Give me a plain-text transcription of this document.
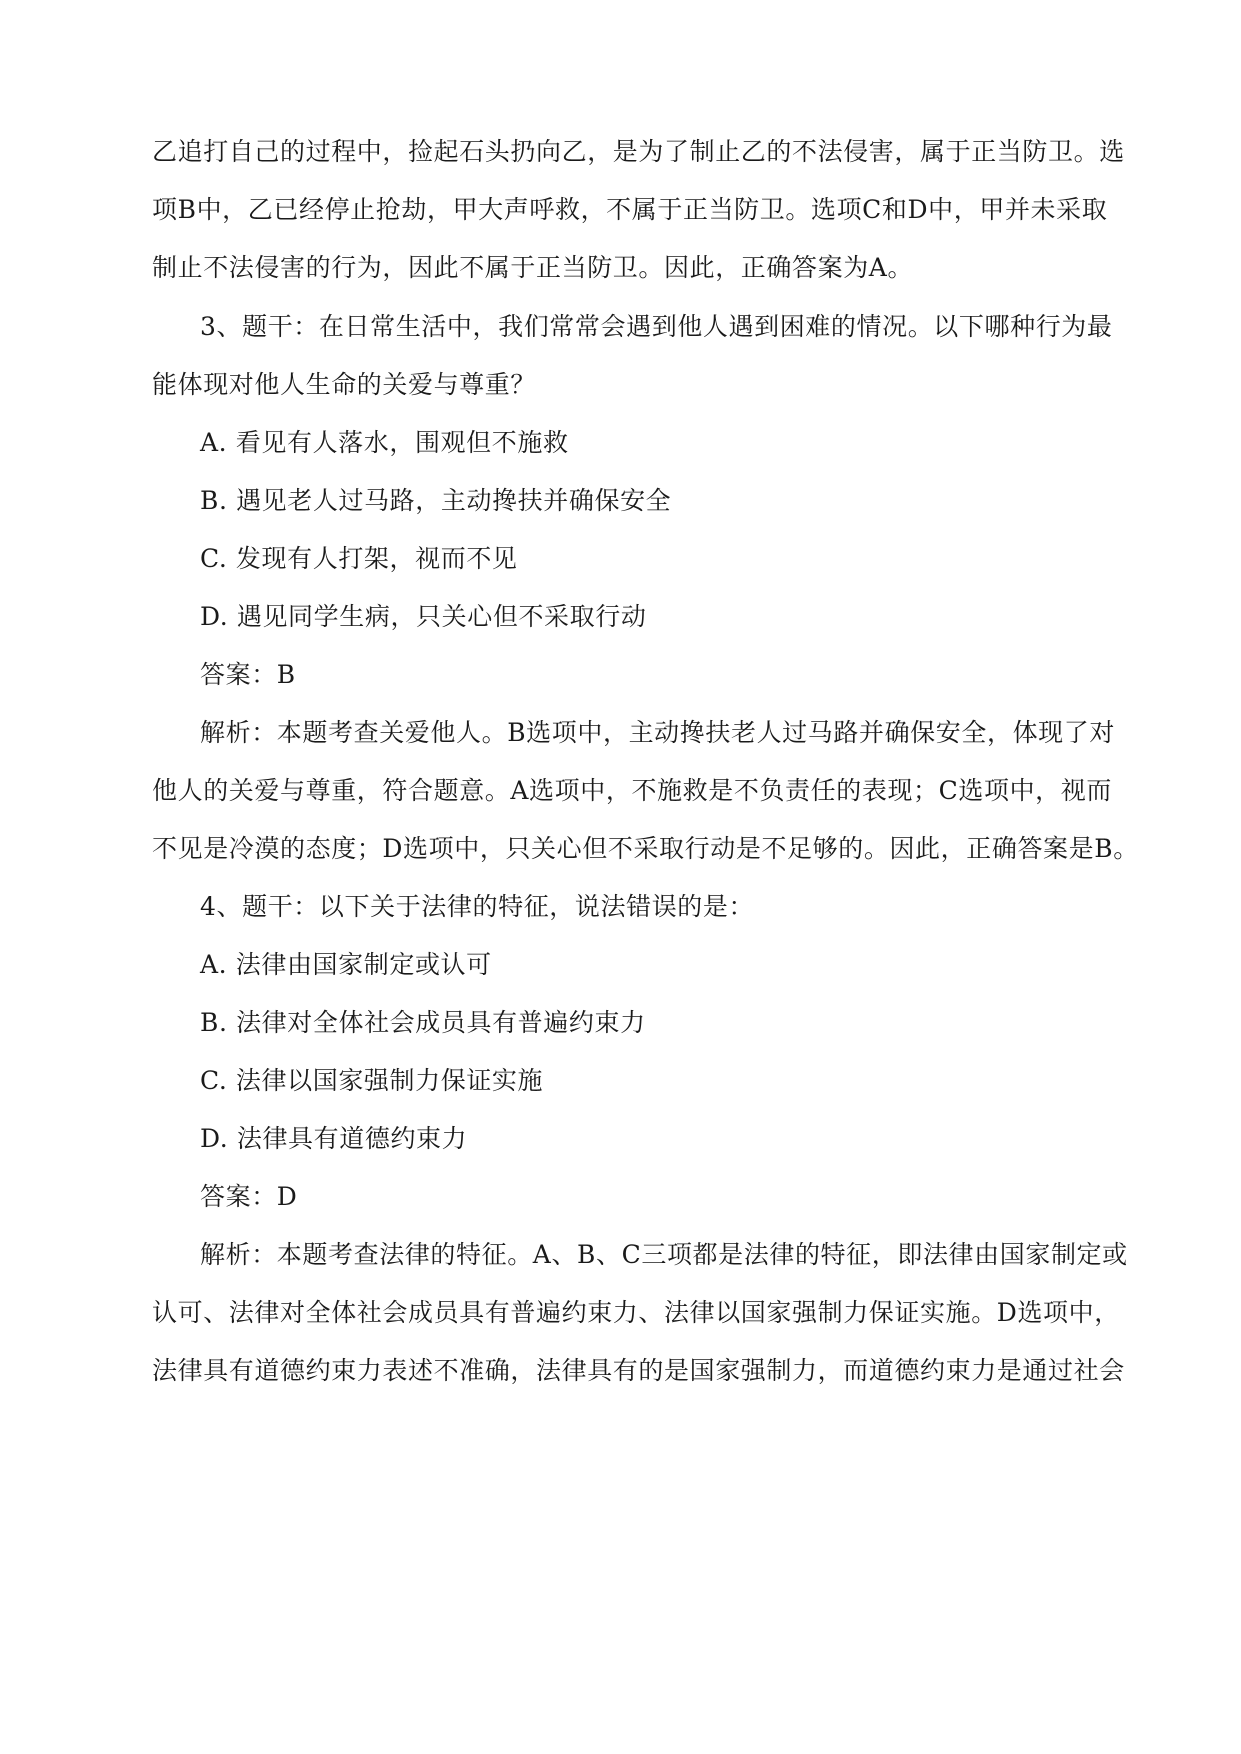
乙追打自己的过程中，捡起石头扔向乙，是为了制止乙的不法侵害，属于正当防卫。选
项B中，乙已经停止抢劫，甲大声呼救，不属于正当防卫。选项C和D中，甲并未采取
制止不法侵害的行为，因此不属于正当防卫。因此，正确答案为A。
3、题干：在日常生活中，我们常常会遇到他人遇到困难的情况。以下哪种行为最
能体现对他人生命的关爱与尊重？
A. 看见有人落水，围观但不施救
B. 遇见老人过马路，主动搀扶并确保安全
C. 发现有人打架，视而不见
D. 遇见同学生病，只关心但不采取行动
答案：B
解析：本题考查关爱他人。B选项中，主动搀扶老人过马路并确保安全，体现了对
他人的关爱与尊重，符合题意。A选项中，不施救是不负责任的表现；C选项中，视而
不见是冷漠的态度；D选项中，只关心但不采取行动是不足够的。因此，正确答案是B。
4、题干：以下关于法律的特征，说法错误的是：
A. 法律由国家制定或认可
B. 法律对全体社会成员具有普遍约束力
C. 法律以国家强制力保证实施
D. 法律具有道德约束力
答案：D
解析：本题考查法律的特征。A、B、C三项都是法律的特征，即法律由国家制定或
认可、法律对全体社会成员具有普遍约束力、法律以国家强制力保证实施。D选项中，
法律具有道德约束力表述不准确，法律具有的是国家强制力，而道德约束力是通过社会
